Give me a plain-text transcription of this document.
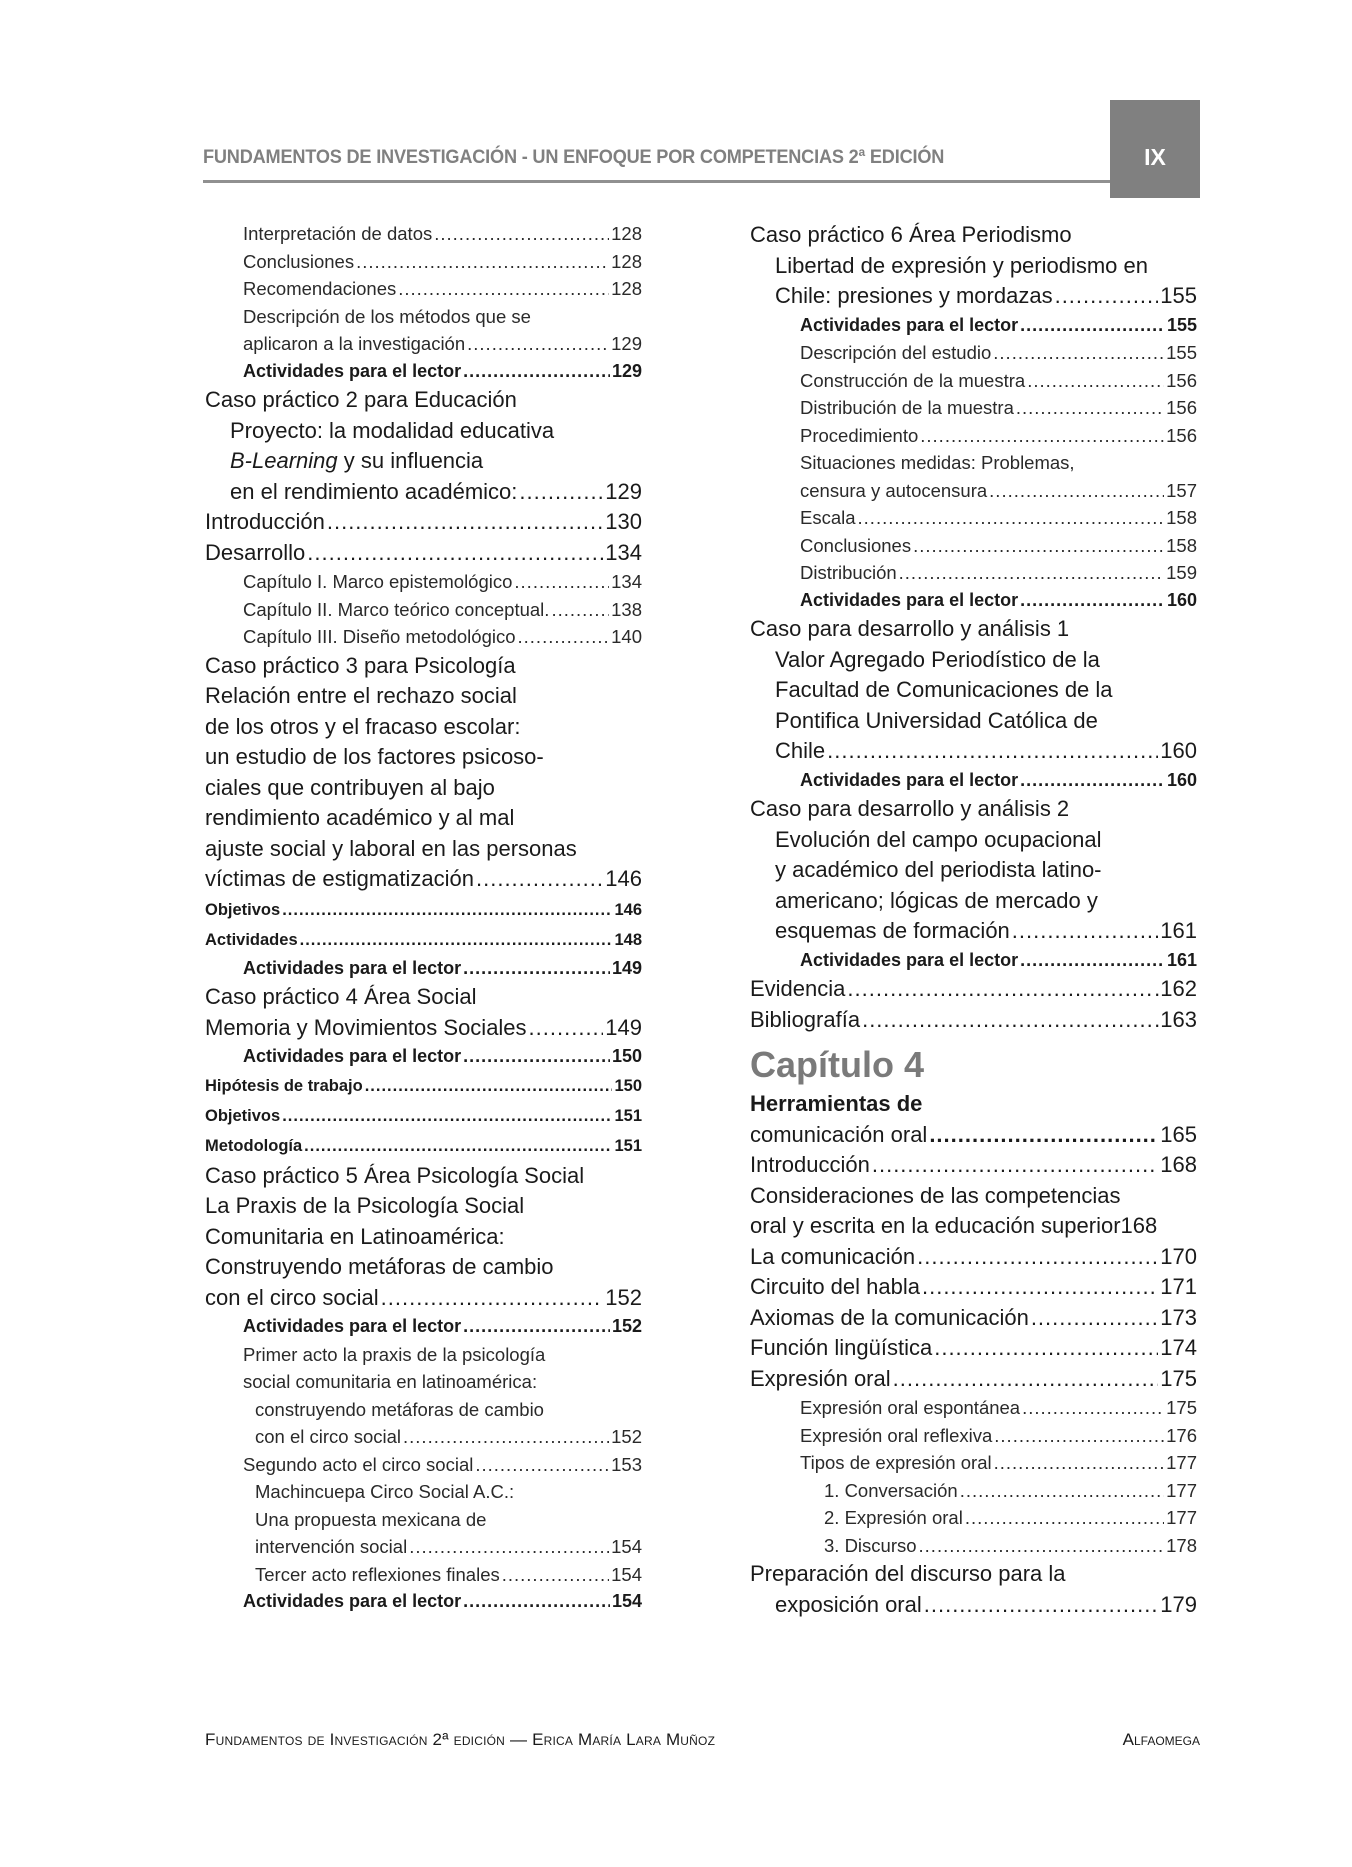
FUNDAMENTOS DE INVESTIGACIÓN - UN ENFOQUE POR COMPETENCIAS 2ª EDICIÓN	IX
Interpretación de datos .....	128
Conclusiones .....	128
Recomendaciones .....	128
Descripción de los métodos que se
aplicaron a la investigación .....	129
Actividades para el lector .....	129
Caso práctico 2 para Educación
Proyecto: la modalidad educativa
B-Learning y su influencia
en el rendimiento académico: .....	129
Introducción .....	130
Desarrollo .....	134
Capítulo I. Marco epistemológico .....	134
Capítulo II. Marco teórico conceptual. .....	138
Capítulo III. Diseño metodológico .....	140
Caso práctico 3 para Psicología
Relación entre el rechazo social
de los otros y el fracaso escolar:
un estudio de los factores psicoso-
ciales que contribuyen al bajo
rendimiento académico y al mal
ajuste social y laboral en las personas
víctimas de estigmatización .....	146
Objetivos .....	146
Actividades .....	148
Actividades para el lector .....	149
Caso práctico 4 Área Social
Memoria y Movimientos Sociales .....	149
Actividades para el lector .....	150
Hipótesis de trabajo .....	150
Objetivos .....	151
Metodología .....	151
Caso práctico 5 Área Psicología Social
La Praxis de la Psicología Social
Comunitaria en Latinoamérica:
Construyendo metáforas de cambio
con el circo social .....	152
Actividades para el lector .....	152
Primer acto la praxis de la psicología
social comunitaria en latinoamérica:
construyendo metáforas de cambio
con el circo social .....	152
Segundo acto el circo social .....	153
Machincuepa Circo Social A.C.:
Una propuesta mexicana de
intervención social .....	154
Tercer acto reflexiones finales .....	154
Actividades para el lector .....	154
Caso práctico 6 Área Periodismo
Libertad de expresión y periodismo en
Chile: presiones y mordazas .....	155
Actividades para el lector .....	155
Descripción del estudio .....	155
Construcción de la muestra .....	156
Distribución de la muestra .....	156
Procedimiento .....	156
Situaciones medidas: Problemas,
censura y autocensura .....	157
Escala .....	158
Conclusiones .....	158
Distribución .....	159
Actividades para el lector .....	160
Caso para desarrollo y análisis 1
Valor Agregado Periodístico de la
Facultad de Comunicaciones de la
Pontifica Universidad Católica de
Chile .....	160
Actividades para el lector .....	160
Caso para desarrollo y análisis 2
Evolución del campo ocupacional
y académico del periodista latino-
americano; lógicas de mercado y
esquemas de formación .....	161
Actividades para el lector .....	161
Evidencia .....	.162
Bibliografía .....	.163
Capítulo 4
Herramientas de
comunicación oral .....	165
Introducción .....	168
Consideraciones de las competencias
oral y escrita en la educación superior 168
La comunicación .....	170
Circuito del habla .....	171
Axiomas de la comunicación .....	173
Función lingüística .....	174
Expresión oral .....	175
Expresión oral espontánea .....	175
Expresión oral reflexiva .....	176
Tipos de expresión oral .....	177
1. Conversación .....	177
2. Expresión oral .....	177
3. Discurso .....	178
Preparación del discurso para la
exposición oral .....	179
Fundamentos de Investigación 2ª edición — Erica María Lara Muñoz	Alfaomega
